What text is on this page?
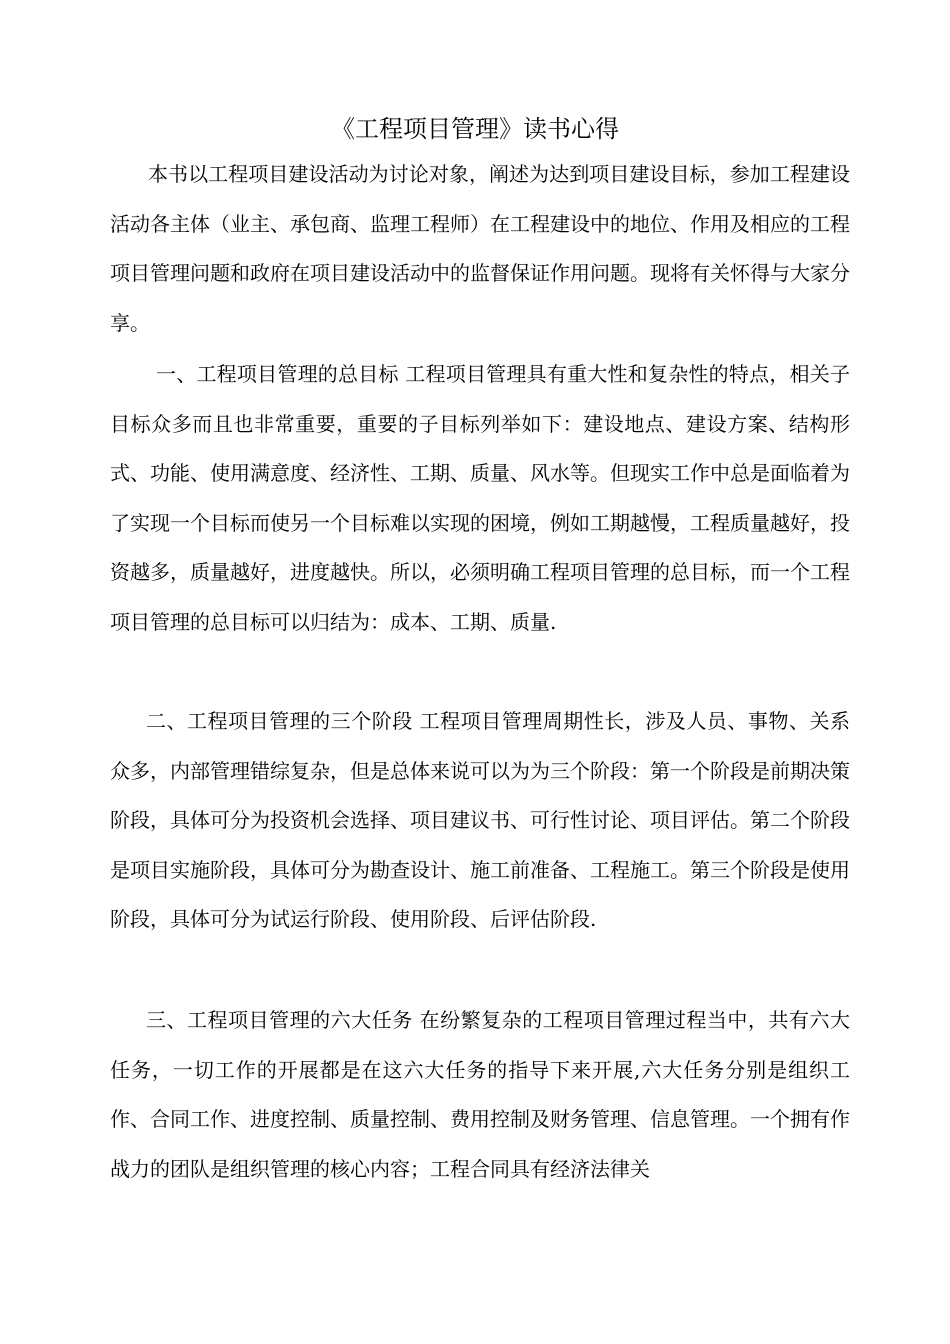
《工程项目管理》读书心得
本书以工程项目建设活动为讨论对象，阐述为达到项目建设目标，参加工程建设活动各主体（业主、承包商、监理工程师）在工程建设中的地位、作用及相应的工程项目管理问题和政府在项目建设活动中的监督保证作用问题。现将有关怀得与大家分享。
一、工程项目管理的总目标 工程项目管理具有重大性和复杂性的特点，相关子目标众多而且也非常重要，重要的子目标列举如下：建设地点、建设方案、结构形式、功能、使用满意度、经济性、工期、质量、风水等。但现实工作中总是面临着为了实现一个目标而使另一个目标难以实现的困境，例如工期越慢，工程质量越好，投资越多，质量越好，进度越快。所以，必须明确工程项目管理的总目标，而一个工程项目管理的总目标可以归结为：成本、工期、质量.
二、工程项目管理的三个阶段 工程项目管理周期性长，涉及人员、事物、关系众多，内部管理错综复杂，但是总体来说可以为为三个阶段：第一个阶段是前期决策阶段，具体可分为投资机会选择、项目建议书、可行性讨论、项目评估。第二个阶段是项目实施阶段，具体可分为勘查设计、施工前准备、工程施工。第三个阶段是使用阶段，具体可分为试运行阶段、使用阶段、后评估阶段.
三、工程项目管理的六大任务 在纷繁复杂的工程项目管理过程当中，共有六大任务，一切工作的开展都是在这六大任务的指导下来开展,六大任务分别是组织工作、合同工作、进度控制、质量控制、费用控制及财务管理、信息管理。一个拥有作战力的团队是组织管理的核心内容；工程合同具有经济法律关
